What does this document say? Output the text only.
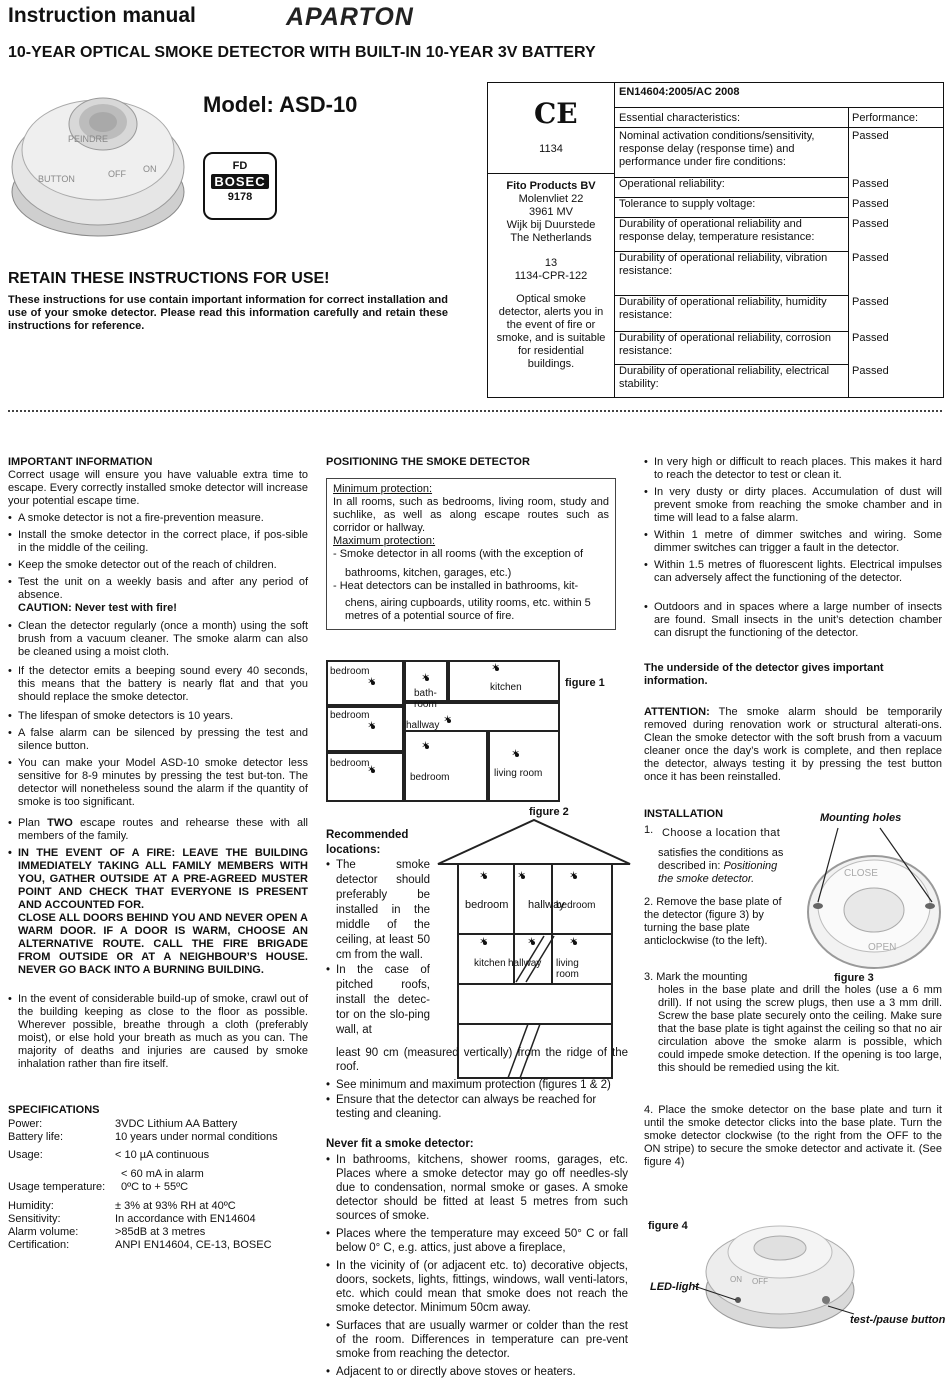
Instruction manual	APARTON
10-YEAR OPTICAL SMOKE DETECTOR WITH BUILT-IN 10-YEAR 3V BATTERY
PEINDRE
BUTTON	OFF ON
Model: ASD-10
FD
BOSEC
9178
RETAIN THESE INSTRUCTIONS FOR USE!
These instructions for use contain important information for correct installation and use of your smoke detector. Please read this information carefully and retain these instructions for reference.
CE
1134
Fito Products BV
Molenvliet 22
3961 MV
Wijk bij Duurstede
The Netherlands
13
1134-CPR-122
Optical smoke detector, alerts you in the event of fire or smoke, and is suitable for residential buildings.
EN14604:2005/AC 2008
Essential characteristics:	Performance:
Nominal activation conditions/sensitivity, response delay (response time) and performance under fire conditions:
Passed
Operational reliability:	Passed
Tolerance to supply voltage:	Passed
Durability of operational reliability and response delay, temperature resistance:
Passed
Durability of operational reliability, vibration resistance:
Passed
Durability of operational reliability, humidity resistance:
Passed
Durability of operational reliability, corrosion resistance:
Passed
Durability of operational reliability, electrical stability:
Passed
IMPORTANT INFORMATION
Correct usage will ensure you have valuable extra time to escape. Every correctly installed smoke detector will increase your potential escape time.
• A smoke detector is not a fire-prevention measure.
• Install the smoke detector in the correct place, if pos-sible in the middle of the ceiling.
• Keep the smoke detector out of the reach of children.
• Test the unit on a weekly basis and after any period of absence.
CAUTION: Never test with fire!
• Clean the detector regularly (once a month) using the soft brush from a vacuum cleaner. The smoke alarm can also be cleaned using a moist cloth.
• If the detector emits a beeping sound every 40 seconds, this means that the battery is nearly flat and that you should replace the smoke detector.
• The lifespan of smoke detectors is 10 years.
• A false alarm can be silenced by pressing the test and silence button.
• You can make your Model ASD-10 smoke detector less sensitive for 8-9 minutes by pressing the test but-ton. The detector will nonetheless sound the alarm if the quantity of smoke is too significant.
• Plan TWO escape routes and rehearse these with all members of the family.
• IN THE EVENT OF A FIRE: LEAVE THE BUILDING IMMEDIATELY TAKING ALL FAMILY MEMBERS WITH YOU, GATHER OUTSIDE AT A PRE-AGREED MUSTER POINT AND CHECK THAT EVERYONE IS PRESENT AND ACCOUNTED FOR.
CLOSE ALL DOORS BEHIND YOU AND NEVER OPEN A WARM DOOR. IF A DOOR IS WARM, CHOOSE AN ALTERNATIVE ROUTE. CALL THE FIRE BRIGADE FROM OUTSIDE OR AT A NEIGHBOUR’S HOUSE. NEVER GO BACK INTO A BURNING BUILDING.
• In the event of considerable build-up of smoke, crawl out of the building keeping as close to the floor as possible. Wherever possible, breathe through a cloth (preferably moist), or else hold your breath as much as you can. The majority of deaths and injuries are caused by smoke inhalation rather than fire itself.
SPECIFICATIONS
Power:	3VDC Lithium AA Battery
Battery life:	10 years under normal conditions
Usage:	< 10 µA continuous
	< 60 mA in alarm
Usage temperature:	0ºC to + 55ºC
Humidity:	± 3% at 93% RH at 40ºC
Sensitivity:	In accordance with EN14604
Alarm volume:	>85dB at 3 metres
Certification:	ANPI EN14604, CE-13, BOSEC
POSITIONING THE SMOKE DETECTOR
Minimum protection:
In all rooms, such as bedrooms, living room, study and suchlike, as well as along escape routes such as corridor or hallway.
Maximum protection:
- Smoke detector in all rooms (with the exception of
bathrooms, kitchen, garages, etc.)
- Heat detectors can be installed in bathrooms, kit-
chens, airing cupboards, utility rooms, etc. within 5 metres of a potential source of fire.
bedroom
bedroom
bedroom
bath-room
kitchen
hallway
bedroom	living room
✶
✶
✶
✶
✶
✶
✶
✶
figure 1
figure 2
bedroom hallway
bedroom
kitchen hallway living room
✶
✶
✶
✶
✶
✶
Recommended locations:
• The smoke detector should preferably be installed in the middle of the ceiling, at least 50 cm from the wall.
• In the case of pitched roofs, install the detec-tor on the slo-ping wall, at
least 90 cm (measured vertically) from the ridge of the roof.
• See minimum and maximum protection (figures 1 & 2)
• Ensure that the detector can always be reached for testing and cleaning.
Never fit a smoke detector:
• In bathrooms, kitchens, shower rooms, garages, etc. Places where a smoke detector may go off needles-sly due to condensation, normal smoke or gases. A smoke detector should be fitted at least 5 metres from such sources of smoke.
• Places where the temperature may exceed 50° C or fall below 0° C, e.g. attics, just above a fireplace,
• In the vicinity of (or adjacent etc. to) decorative objects, doors, sockets, lights, fittings, windows, wall venti-lators, etc. which could mean that smoke does not reach the smoke detector. Minimum 50cm away.
• Surfaces that are usually warmer or colder than the rest of the room. Differences in temperature can pre-vent smoke from reaching the detector.
• Adjacent to or directly above stoves or heaters.
• In very high or difficult to reach places. This makes it hard to reach the detector to test or clean it.
• In very dusty or dirty places. Accumulation of dust will prevent smoke from reaching the smoke chamber and in time will lead to a false alarm.
• Within 1 metre of dimmer switches and wiring. Some dimmer switches can trigger a fault in the detector.
• Within 1.5 metres of fluorescent lights. Electrical impulses can adversely affect the functioning of the detector.
• Outdoors and in spaces where a large number of insects are found. Small insects in the unit’s detection chamber can disrupt the functioning of the detector.
The underside of the detector gives important information.
ATTENTION: The smoke alarm should be temporarily removed during renovation work or structural alterati-ons. Clean the smoke detector with the soft brush from a vacuum cleaner once the day’s work is complete, and then replace the detector, always testing it by pressing the test button once it has been reinstalled.
INSTALLATION
1. Choose a location that
satisfies the conditions as described in: Positioning the smoke detector.
2. Remove the base plate of the detector (figure 3) by turning the base plate anticlockwise (to the left).
3. Mark the mounting
holes in the base plate and drill the holes (use a 6 mm drill). If not using the screw plugs, then use a 3 mm drill. Screw the base plate securely onto the ceiling. Make sure that the base plate is tight against the ceiling so that no air circulation above the smoke alarm is possible, which could impede smoke detection. If the opening is too large, this should be remedied using the kit.
4. Place the smoke detector on the base plate and turn it until the smoke detector clicks into the base plate. Turn the smoke detector clockwise (to the right from the OFF to the ON stripe) to secure the smoke detector and activate it. (See figure 4)
Mounting holes
CLOSE
OPEN
figure 3
figure 4
ON OFF
LED-light
test-/pause button
